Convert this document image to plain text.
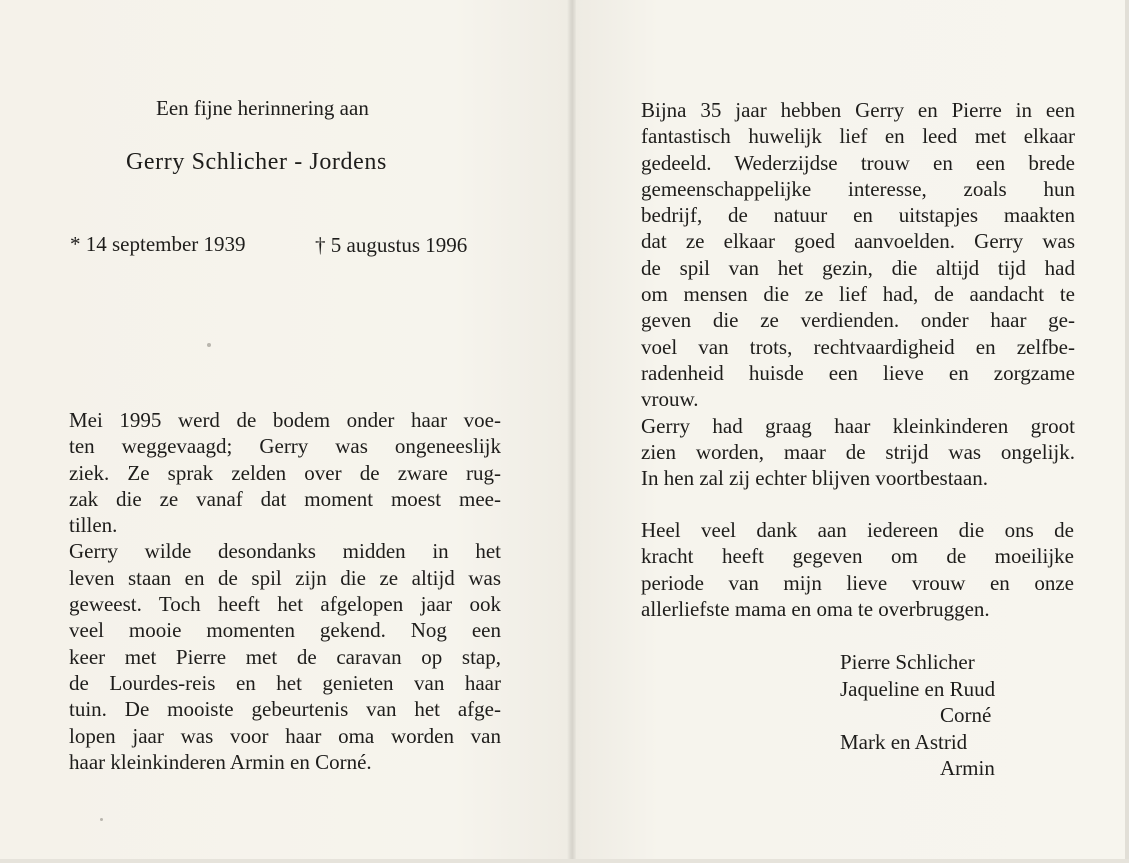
Een fijne herinnering aan

Gerry Schlicher - Jordens

* 14 september 1939	† 5 augustus 1996

Mei 1995 werd de bodem onder haar voe-
ten weggevaagd; Gerry was ongeneeslijk
ziek. Ze sprak zelden over de zware rug-
zak die ze vanaf dat moment moest mee-
tillen.
Gerry wilde desondanks midden in het
leven staan en de spil zijn die ze altijd was
geweest. Toch heeft het afgelopen jaar ook
veel mooie momenten gekend. Nog een
keer met Pierre met de caravan op stap,
de Lourdes-reis en het genieten van haar
tuin. De mooiste gebeurtenis van het afge-
lopen jaar was voor haar oma worden van
haar kleinkinderen Armin en Corné.
Bijna 35 jaar hebben Gerry en Pierre in een
fantastisch huwelijk lief en leed met elkaar
gedeeld. Wederzijdse trouw en een brede
gemeenschappelijke interesse, zoals hun
bedrijf, de natuur en uitstapjes maakten
dat ze elkaar goed aanvoelden. Gerry was
de spil van het gezin, die altijd tijd had
om mensen die ze lief had, de aandacht te
geven die ze verdienden. onder haar ge-
voel van trots, rechtvaardigheid en zelfbe-
radenheid huisde een lieve en zorgzame
vrouw.
Gerry had graag haar kleinkinderen groot
zien worden, maar de strijd was ongelijk.
In hen zal zij echter blijven voortbestaan.
Heel veel dank aan iedereen die ons de
kracht heeft gegeven om de moeilijke
periode van mijn lieve vrouw en onze
allerliefste mama en oma te overbruggen.

Pierre Schlicher

Jaqueline en Ruud

Corné

Mark en Astrid

Armin
